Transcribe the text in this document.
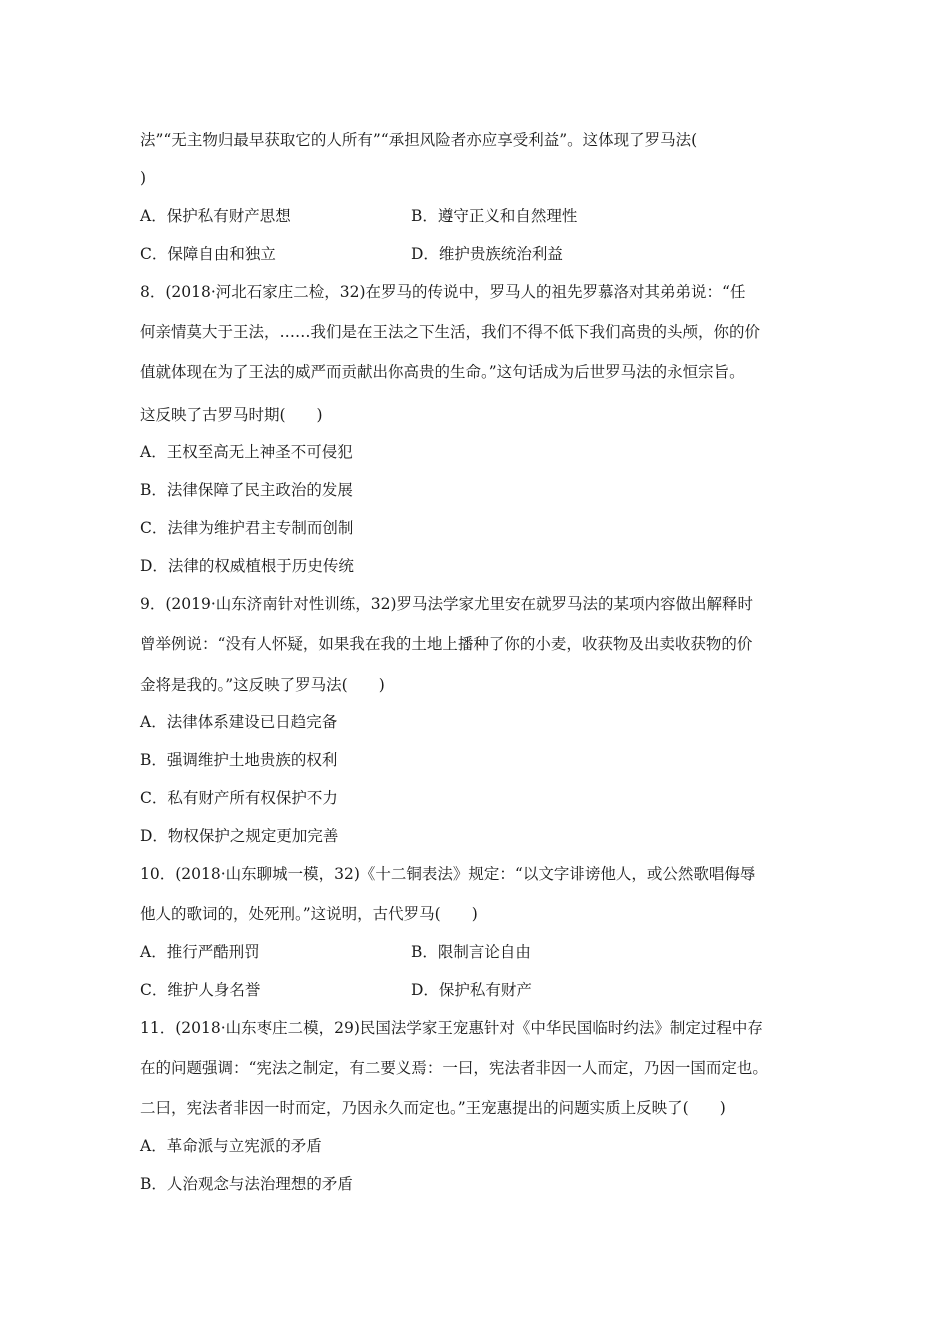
法”“无主物归最早获取它的人所有”“承担风险者亦应享受利益”。这体现了罗马法(
)
A．保护私有财产思想	B．遵守正义和自然理性
C．保障自由和独立	D．维护贵族统治利益
8．(2018·河北石家庄二检，32)在罗马的传说中，罗马人的祖先罗慕洛对其弟弟说：“任
何亲情莫大于王法，……我们是在王法之下生活，我们不得不低下我们高贵的头颅，你的价
值就体现在为了王法的威严而贡献出你高贵的生命。”这句话成为后世罗马法的永恒宗旨。
这反映了古罗马时期(　　)
A．王权至高无上神圣不可侵犯
B．法律保障了民主政治的发展
C．法律为维护君主专制而创制
D．法律的权威植根于历史传统
9．(2019·山东济南针对性训练，32)罗马法学家尤里安在就罗马法的某项内容做出解释时
曾举例说：“没有人怀疑，如果我在我的土地上播种了你的小麦，收获物及出卖收获物的价
金将是我的。”这反映了罗马法(　　)
A．法律体系建设已日趋完备
B．强调维护土地贵族的权利
C．私有财产所有权保护不力
D．物权保护之规定更加完善
10．(2018·山东聊城一模，32)《十二铜表法》规定：“以文字诽谤他人，或公然歌唱侮辱
他人的歌词的，处死刑。”这说明，古代罗马(　　)
A．推行严酷刑罚	B．限制言论自由
C．维护人身名誉	D．保护私有财产
11．(2018·山东枣庄二模，29)民国法学家王宠惠针对《中华民国临时约法》制定过程中存
在的问题强调：“宪法之制定，有二要义焉：一曰，宪法者非因一人而定，乃因一国而定也。
二曰，宪法者非因一时而定，乃因永久而定也。”王宠惠提出的问题实质上反映了(　　)
A．革命派与立宪派的矛盾
B．人治观念与法治理想的矛盾
